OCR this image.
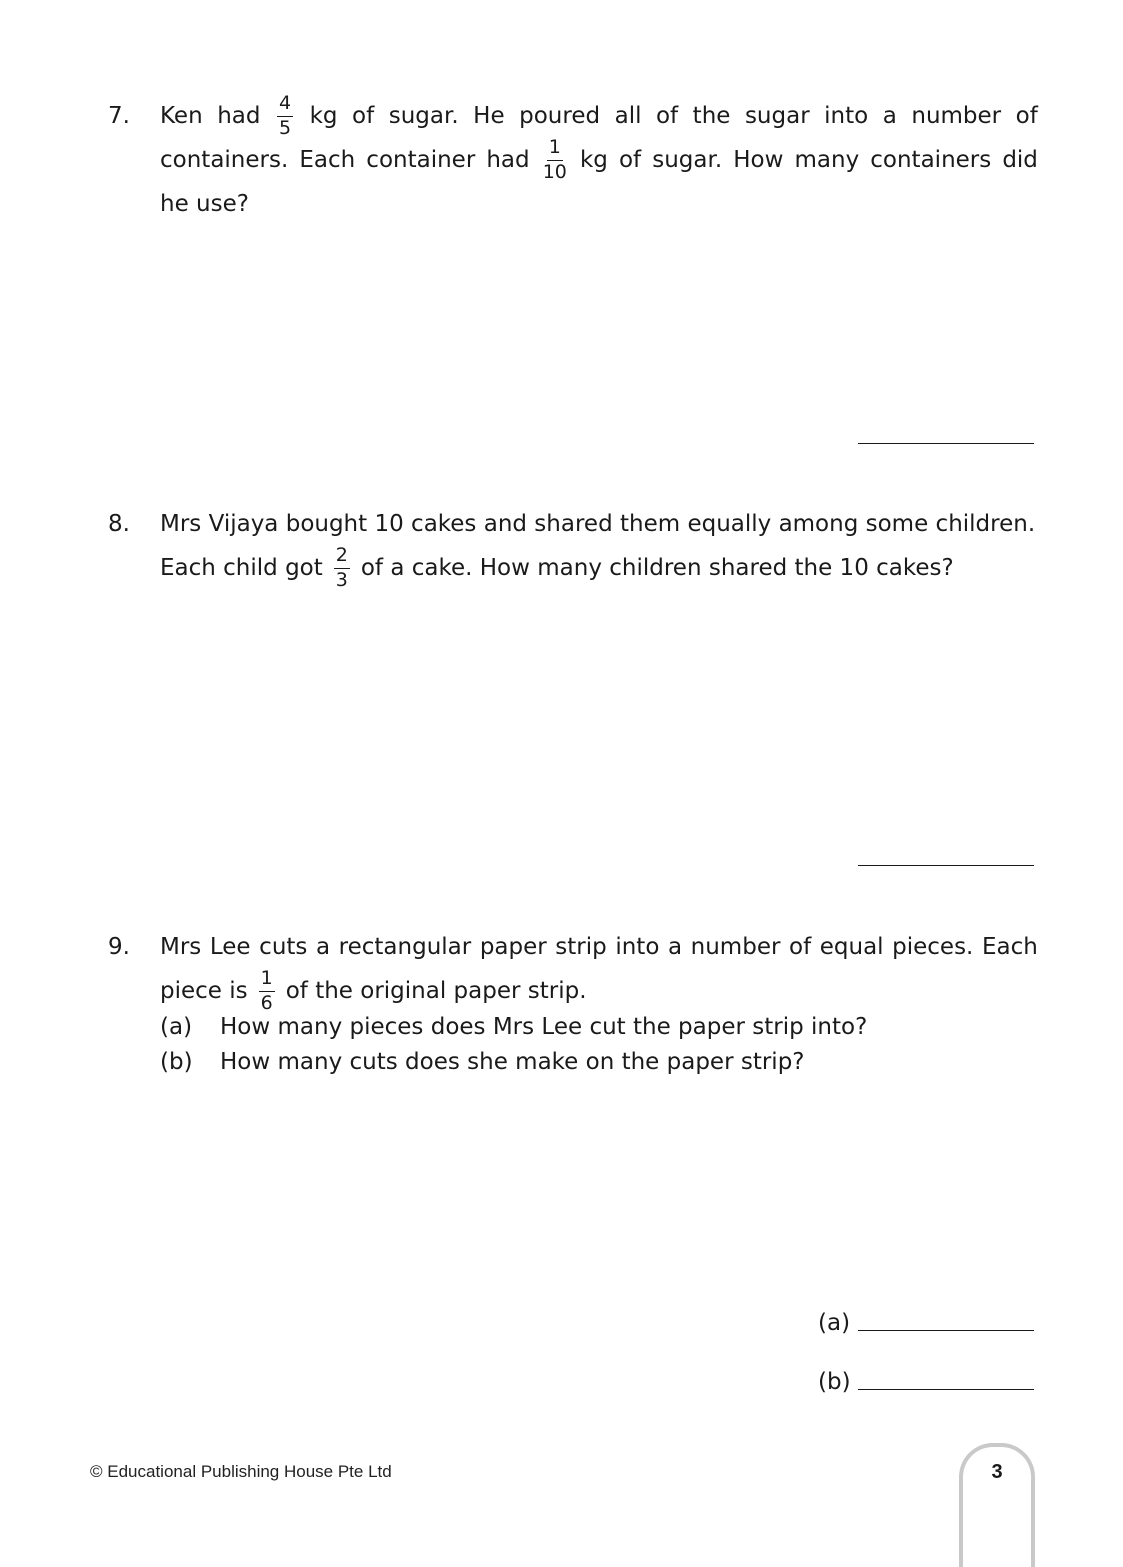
7.	Ken had $\frac{4}{5}$ kg of sugar. He poured all of the sugar into a number of
containers. Each container had $\frac{1}{10}$ kg of sugar. How many containers did
he use?
8.	Mrs Vijaya bought 10 cakes and shared them equally among some children.
Each child got $\frac{2}{3}$ of a cake. How many children shared the 10 cakes?
9.	Mrs Lee cuts a rectangular paper strip into a number of equal pieces. Each
piece is $\frac{1}{6}$ of the original paper strip.
(a) How many pieces does Mrs Lee cut the paper strip into?
(b) How many cuts does she make on the paper strip?
(a)
(b)
© Educational Publishing House Pte Ltd	3
